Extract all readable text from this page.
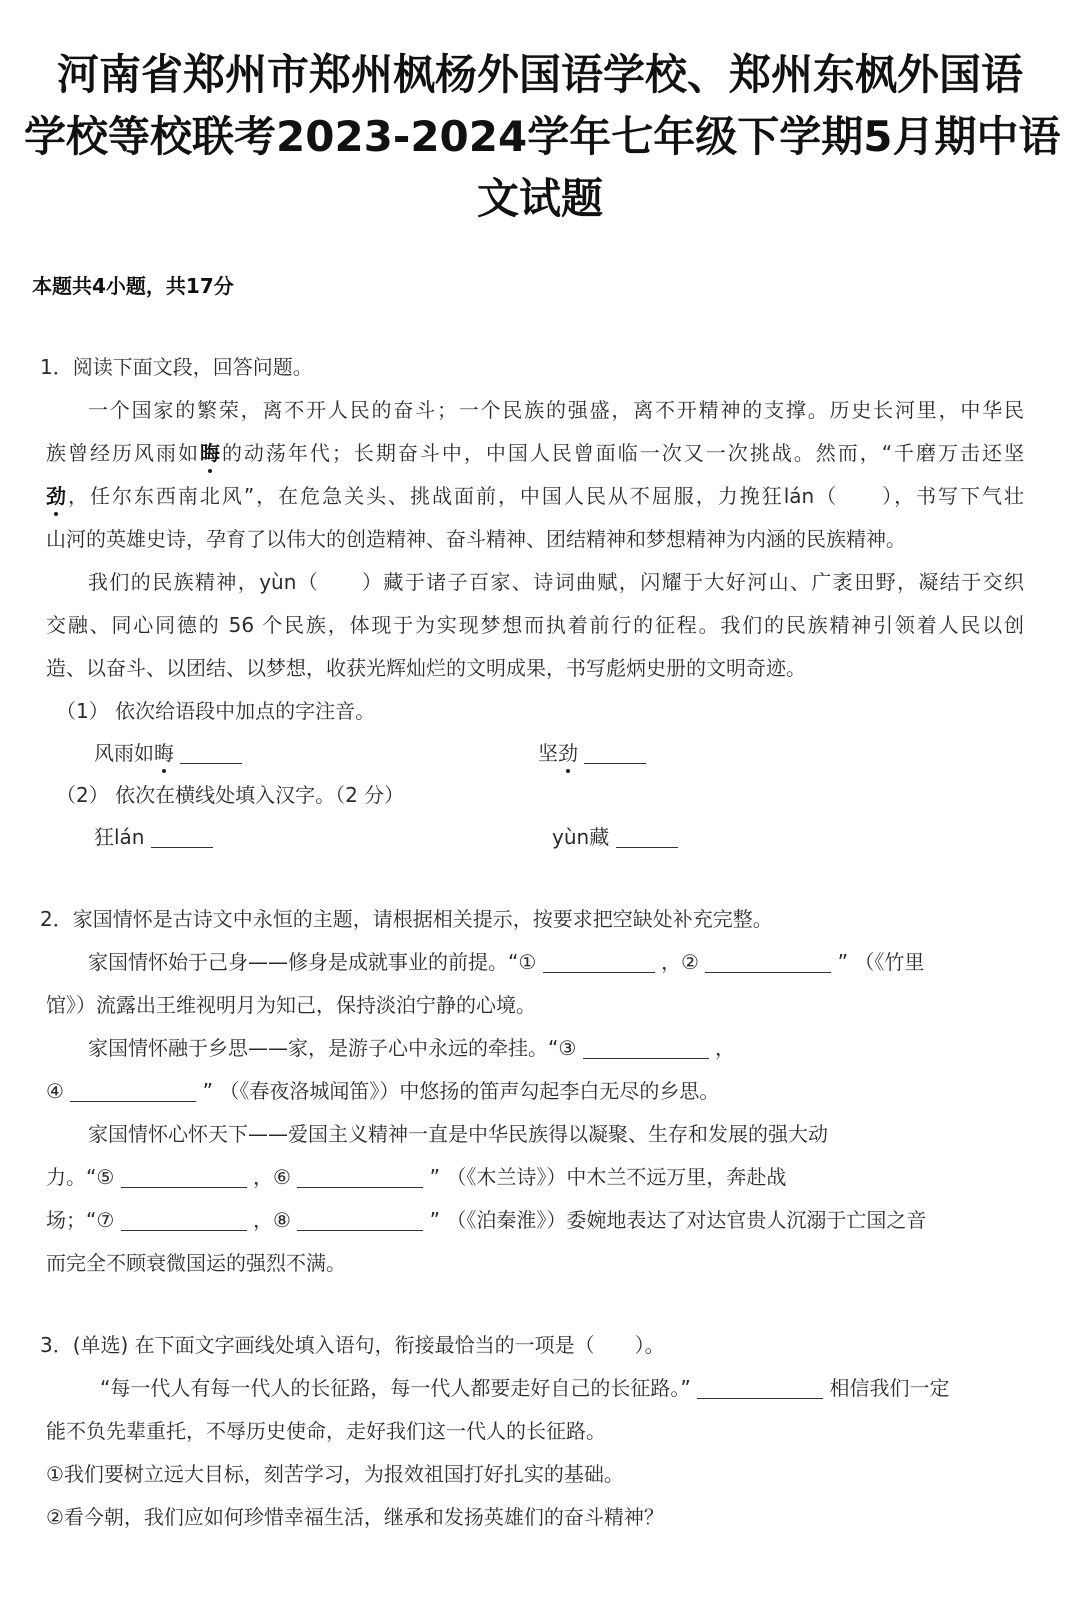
河南省郑州市郑州枫杨外国语学校、郑州东枫外国语
学校等校联考2023-2024学年七年级下学期5月期中语
文试题
本题共4小题，共17分
1．阅读下面文段，回答问题。
一个国家的繁荣，离不开人民的奋斗；一个民族的强盛，离不开精神的支撑。历史长河里，中华民
族曾经历风雨如晦的动荡年代；长期奋斗中，中国人民曾面临一次又一次挑战。然而，“千磨万击还坚
劲，任尔东西南北风”，在危急关头、挑战面前，中国人民从不屈服，力挽狂lán（　　），书写下气壮
山河的英雄史诗，孕育了以伟大的创造精神、奋斗精神、团结精神和梦想精神为内涵的民族精神。
我们的民族精神，yùn（　　）藏于诸子百家、诗词曲赋，闪耀于大好河山、广袤田野，凝结于交织
交融、同心同德的 56 个民族，体现于为实现梦想而执着前行的征程。我们的民族精神引领着人民以创
造、以奋斗、以团结、以梦想，收获光辉灿烂的文明成果，书写彪炳史册的文明奇迹。
（1） 依次给语段中加点的字注音。
风雨如晦	坚劲
（2） 依次在横线处填入汉字。（2 分）
狂lán	yùn藏
2．家国情怀是古诗文中永恒的主题，请根据相关提示，按要求把空缺处补充完整。
家国情怀始于己身——修身是成就事业的前提。“①	，②	” （《竹里
馆》）流露出王维视明月为知己，保持淡泊宁静的心境。
家国情怀融于乡思——家，是游子心中永远的牵挂。“③	，
④	” （《春夜洛城闻笛》）中悠扬的笛声勾起李白无尽的乡思。
家国情怀心怀天下——爱国主义精神一直是中华民族得以凝聚、生存和发展的强大动
力。“⑤	，⑥	” （《木兰诗》）中木兰不远万里，奔赴战
场；“⑦	，⑧	” （《泊秦淮》）委婉地表达了对达官贵人沉溺于亡国之音
而完全不顾衰微国运的强烈不满。
3．(单选) 在下面文字画线处填入语句，衔接最恰当的一项是（　　）。
“每一代人有每一代人的长征路，每一代人都要走好自己的长征路。”	相信我们一定
能不负先辈重托，不辱历史使命，走好我们这一代人的长征路。
①我们要树立远大目标，刻苦学习，为报效祖国打好扎实的基础。
②看今朝，我们应如何珍惜幸福生活，继承和发扬英雄们的奋斗精神？
